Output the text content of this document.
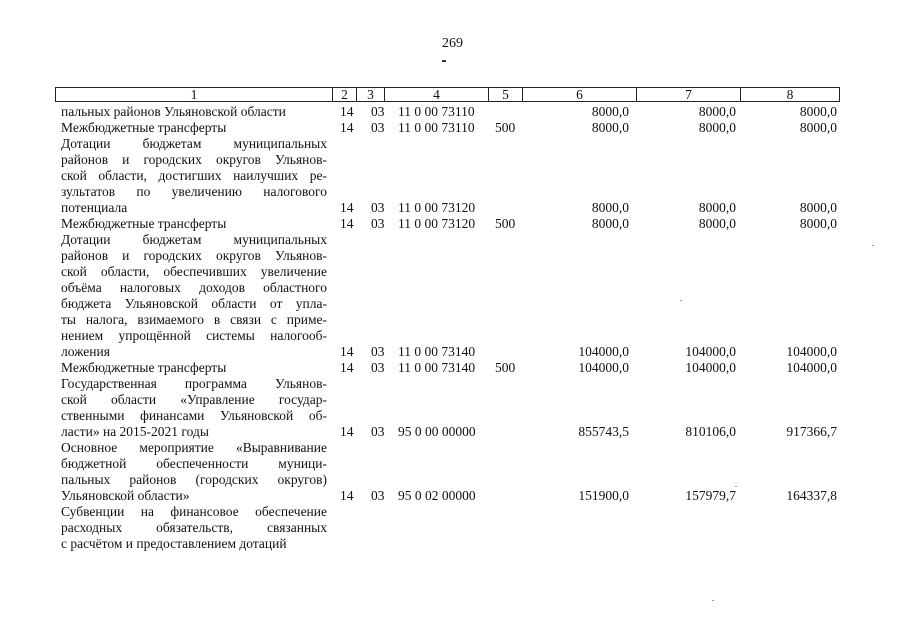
269
1	2	3	4	5	6	7	8
пальных районов Ульяновской области	14 03 11 0 00 73110	8000,0	8000,0	8000,0
Межбюджетные трансферты	14 03 11 0 00 73110 500	8000,0	8000,0	8000,0
Дотации бюджетам муниципальных
районов и городских округов Ульянов-
ской области, достигших наилучших ре-
зультатов по увеличению налогового
потенциала	14 03 11 0 00 73120	8000,0	8000,0	8000,0
Межбюджетные трансферты	14 03 11 0 00 73120 500	8000,0	8000,0	8000,0
Дотации бюджетам муниципальных
районов и городских округов Ульянов-
ской области, обеспечивших увеличение
объёма налоговых доходов областного
бюджета Ульяновской области от упла-
ты налога, взимаемого в связи с приме-
нением упрощённой системы налогооб-
ложения	14 03 11 0 00 73140	104000,0	104000,0	104000,0
Межбюджетные трансферты	14 03 11 0 00 73140 500	104000,0	104000,0	104000,0
Государственная программа Ульянов-
ской области «Управление государ-
ственными финансами Ульяновской об-
ласти» на 2015-2021 годы	14 03 95 0 00 00000	855743,5	810106,0	917366,7
Основное мероприятие «Выравнивание
бюджетной обеспеченности муници-
пальных районов (городских округов)
Ульяновской области»	14 03 95 0 02 00000	151900,0	157979,7	164337,8
Субвенции на финансовое обеспечение
расходных обязательств, связанных
с расчётом и предоставлением дотаций
